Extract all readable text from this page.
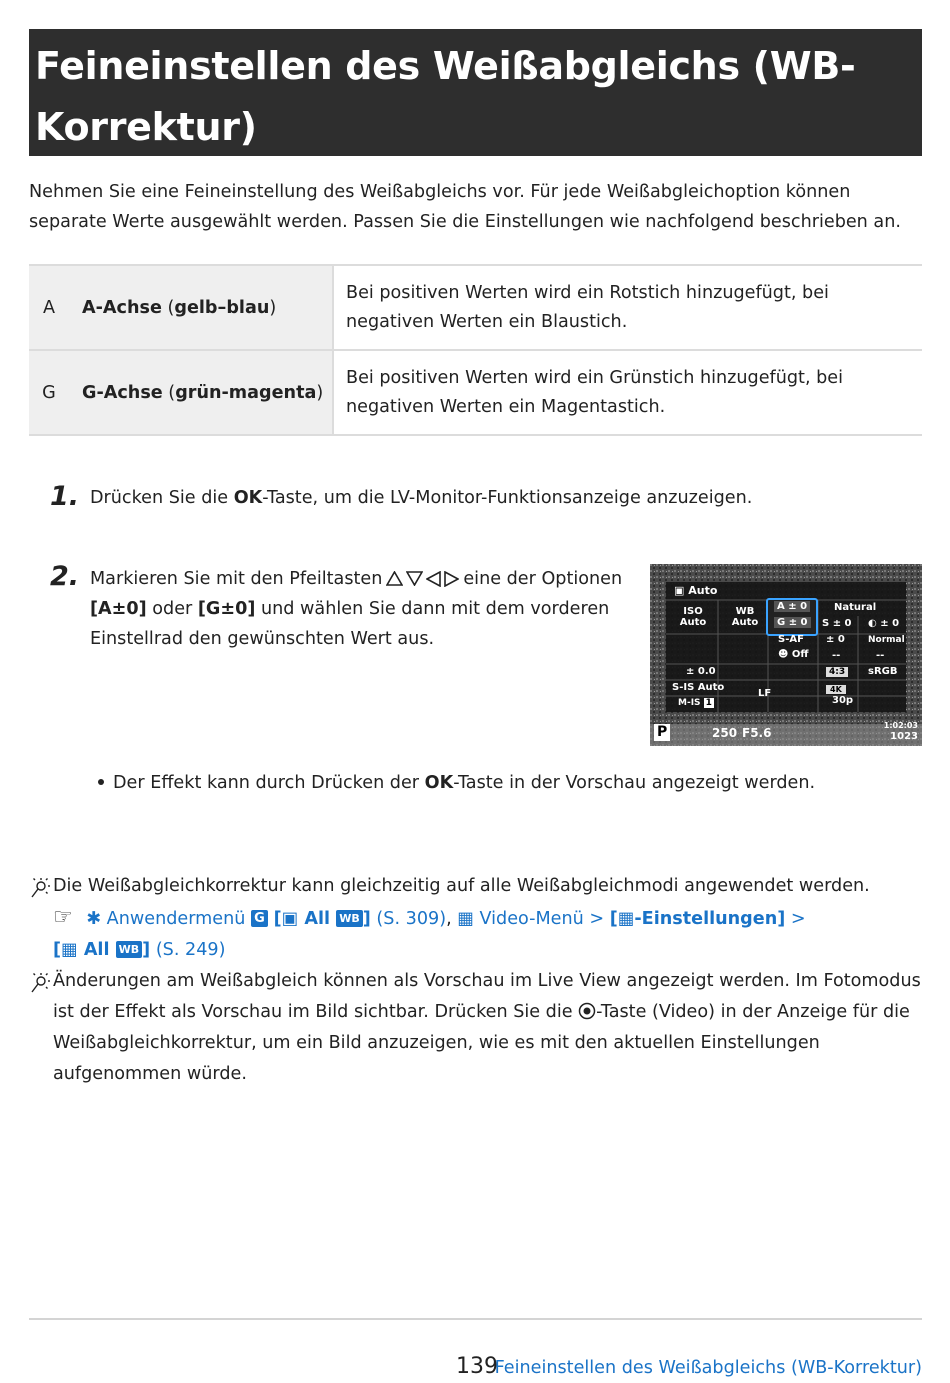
Feineinstellen des Weißabgleichs (WB-Korrektur)
Nehmen Sie eine Feineinstellung des Weißabgleichs vor. Für jede Weißabgleichoption können separate Werte ausgewählt werden. Passen Sie die Einstellungen wie nachfolgend beschrieben an.
A	A-Achse (gelb–blau)	Bei positiven Werten wird ein Rotstich hinzugefügt, bei negativen Werten ein Blaustich.
G	G-Achse (grün-magenta)	Bei positiven Werten wird ein Grünstich hinzugefügt, bei negativen Werten ein Magentastich.
1. Drücken Sie die OK-Taste, um die LV-Monitor-Funktionsanzeige anzuzeigen.
2. Markieren Sie mit den Pfeiltasten	eine der Optionen
[A±0] oder [G±0] und wählen Sie dann mit dem vorderen Einstellrad den gewünschten Wert aus.
▣ Auto
ISO
Auto
WB
Auto
A ± 0
G ± 0
Natural
S ± 0 ◐ ± 0
± 0	Normal
S-AF
☻ Off --	--
± 0.0	4:3	sRGB
S-IS Auto
M-IS 1
LF	4K
30p
P	250 F5.6
1:02:03
1023
Der Effekt kann durch Drücken der OK-Taste in der Vorschau angezeigt werden.
Die Weißabgleichkorrektur kann gleichzeitig auf alle Weißabgleichmodi angewendet werden.
☞ ✱ Anwendermenü G [▣ All WB ] (S. 309), ▦ Video-Menü > [▦-Einstellungen] >
[▦ All WB ] (S. 249)
Änderungen am Weißabgleich können als Vorschau im Live View angezeigt werden. Im Fotomodus ist der Effekt als Vorschau im Bild sichtbar. Drücken Sie die -Taste (Video) in der Anzeige für die Weißabgleichkorrektur, um ein Bild anzuzeigen, wie es mit den aktuellen Einstellungen aufgenommen würde.
139
Feineinstellen des Weißabgleichs (WB-Korrektur)
